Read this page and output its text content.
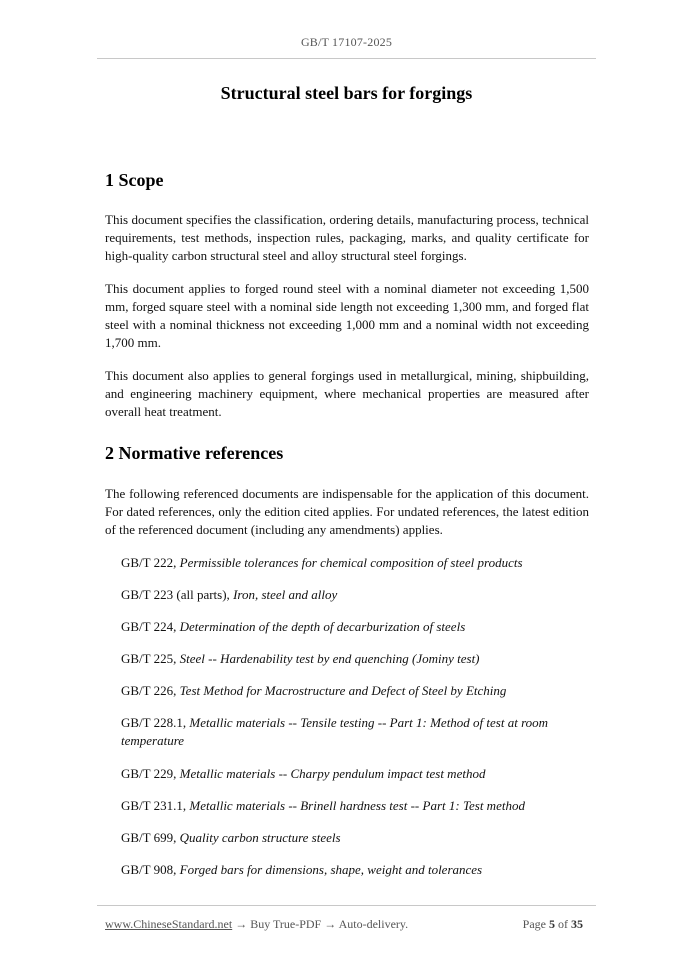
GB/T 17107-2025
Structural steel bars for forgings
1 Scope

This document specifies the classification, ordering details, manufacturing process, technical requirements, test methods, inspection rules, packaging, marks, and quality certificate for high-quality carbon structural steel and alloy structural steel forgings.

This document applies to forged round steel with a nominal diameter not exceeding 1,500 mm, forged square steel with a nominal side length not exceeding 1,300 mm, and forged flat steel with a nominal thickness not exceeding 1,000 mm and a nominal width not exceeding 1,700 mm.

This document also applies to general forgings used in metallurgical, mining, shipbuilding, and engineering machinery equipment, where mechanical properties are measured after overall heat treatment.

2 Normative references

The following referenced documents are indispensable for the application of this document. For dated references, only the edition cited applies. For undated references, the latest edition of the referenced document (including any amendments) applies.

GB/T 222, Permissible tolerances for chemical composition of steel products

GB/T 223 (all parts), Iron, steel and alloy

GB/T 224, Determination of the depth of decarburization of steels

GB/T 225, Steel -- Hardenability test by end quenching (Jominy test)

GB/T 226, Test Method for Macrostructure and Defect of Steel by Etching

GB/T 228.1, Metallic materials -- Tensile testing -- Part 1: Method of test at room temperature

GB/T 229, Metallic materials -- Charpy pendulum impact test method

GB/T 231.1, Metallic materials -- Brinell hardness test -- Part 1: Test method

GB/T 699, Quality carbon structure steels

GB/T 908, Forged bars for dimensions, shape, weight and tolerances

www.ChineseStandard.net → Buy True-PDF → Auto-delivery.	Page 5 of 35
